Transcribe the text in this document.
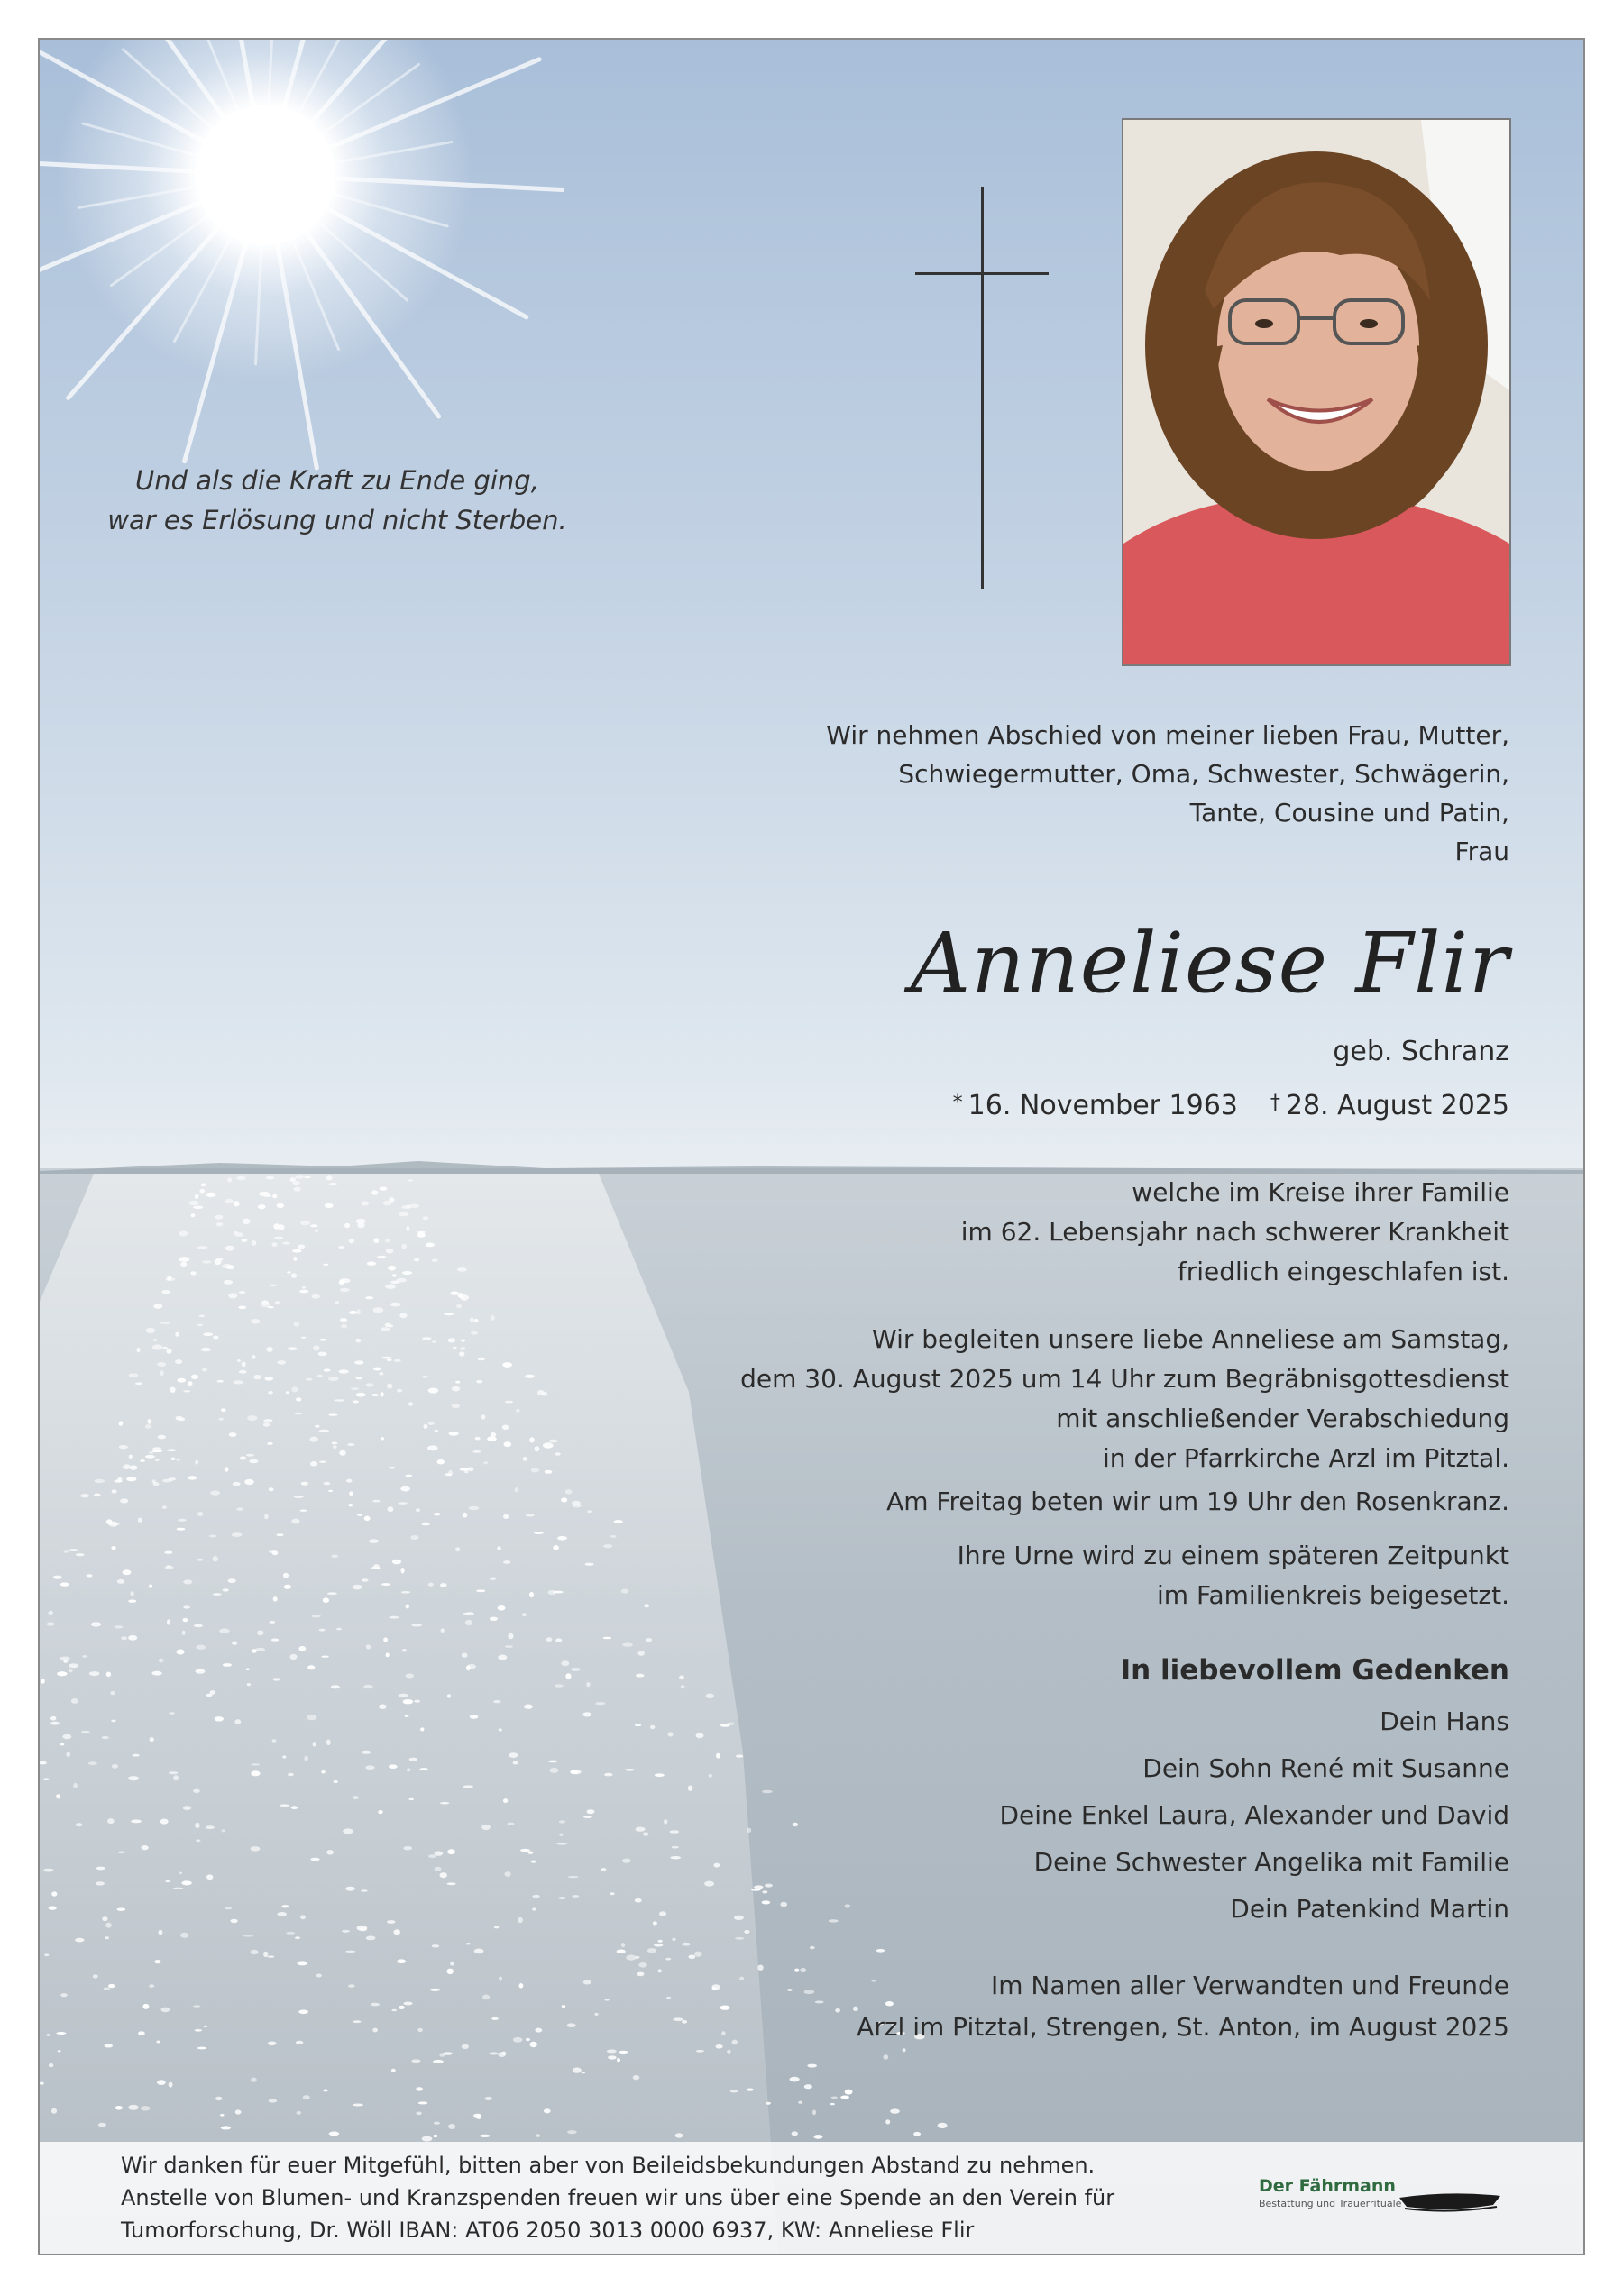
Und als die Kraft zu Ende ging,
war es Erlösung und nicht Sterben.
Wir nehmen Abschied von meiner lieben Frau, Mutter,
Schwiegermutter, Oma, Schwester, Schwägerin,
Tante, Cousine und Patin,
Frau
Anneliese Flir
geb. Schranz
* 16. November 1963 † 28. August 2025
welche im Kreise ihrer Familie
im 62. Lebensjahr nach schwerer Krankheit
friedlich eingeschlafen ist.
Wir begleiten unsere liebe Anneliese am Samstag,
dem 30. August 2025 um 14 Uhr zum Begräbnisgottesdienst
mit anschließender Verabschiedung
in der Pfarrkirche Arzl im Pitztal.
Am Freitag beten wir um 19 Uhr den Rosenkranz.
Ihre Urne wird zu einem späteren Zeitpunkt
im Familienkreis beigesetzt.
In liebevollem Gedenken
Dein Hans
Dein Sohn René mit Susanne
Deine Enkel Laura, Alexander und David
Deine Schwester Angelika mit Familie
Dein Patenkind Martin
Im Namen aller Verwandten und Freunde
Arzl im Pitztal, Strengen, St. Anton, im August 2025
Wir danken für euer Mitgefühl, bitten aber von Beileidsbekundungen Abstand zu nehmen.
Anstelle von Blumen- und Kranzspenden freuen wir uns über eine Spende an den Verein für
Tumorforschung, Dr. Wöll IBAN: AT06 2050 3013 0000 6937, KW: Anneliese Flir
Der Fährmann
Bestattung und Trauerrituale
